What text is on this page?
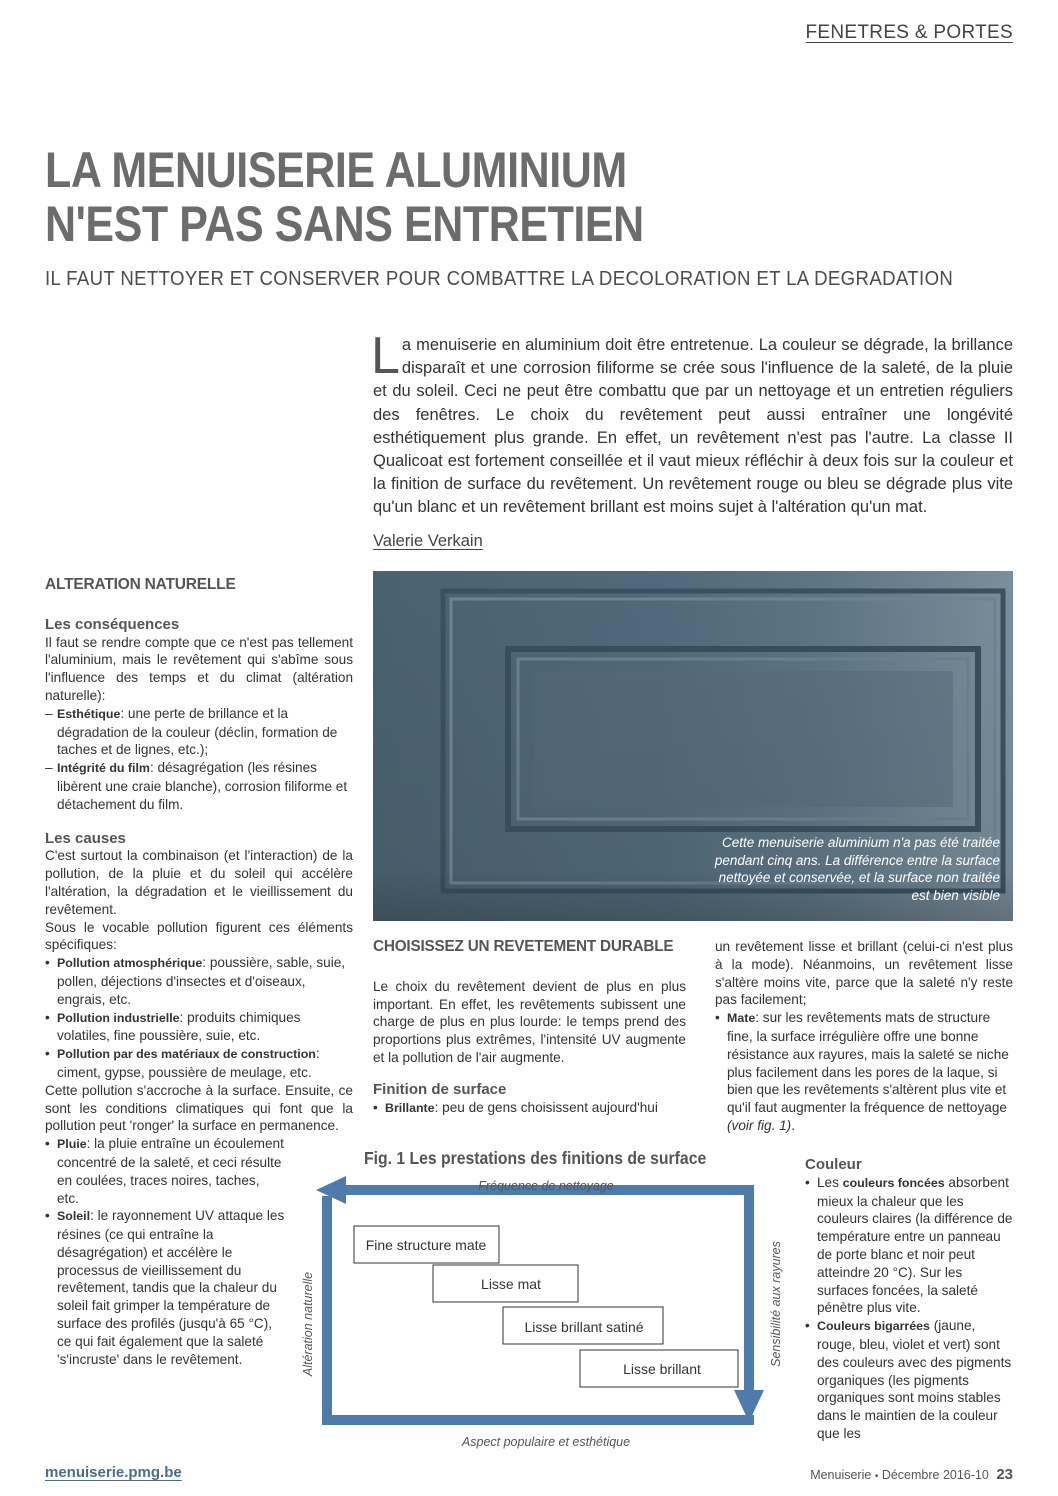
FENETRES & PORTES
LA MENUISERIE ALUMINIUM
N'EST PAS SANS ENTRETIEN
IL FAUT NETTOYER ET CONSERVER POUR COMBATTRE LA DECOLORATION ET LA DEGRADATION

La menuiserie en aluminium doit être entretenue. La couleur se dégrade, la brillance disparaît et une corrosion filiforme se crée sous l'influence de la saleté, de la pluie et du soleil. Ceci ne peut être combattu que par un nettoyage et un entretien réguliers des fenêtres. Le choix du revêtement peut aussi entraîner une longévité esthétiquement plus grande. En effet, un revêtement n'est pas l'autre. La classe II Qualicoat est fortement conseillée et il vaut mieux réfléchir à deux fois sur la couleur et la finition de surface du revêtement. Un revêtement rouge ou bleu se dégrade plus vite qu'un blanc et un revêtement brillant est moins sujet à l'altération qu'un mat.

Valerie Verkain
ALTERATION NATURELLE
Les conséquences

Il faut se rendre compte que ce n'est pas tellement l'aluminium, mais le revêtement qui s'abîme sous l'influence des temps et du climat (altération naturelle):

– Esthétique: une perte de brillance et la dégradation de la couleur (déclin, formation de taches et de lignes, etc.);

– Intégrité du film: désagrégation (les résines libèrent une craie blanche), corrosion filiforme et détachement du film.

Les causes

C'est surtout la combinaison (et l'interaction) de la pollution, de la pluie et du soleil qui accélère l'altération, la dégradation et le vieillissement du revêtement.

Sous le vocable pollution figurent ces éléments spécifiques:

• Pollution atmosphérique: poussière, sable, suie, pollen, déjections d'insectes et d'oiseaux, engrais, etc.

• Pollution industrielle: produits chimiques volatiles, fine poussière, suie, etc.

• Pollution par des matériaux de construction: ciment, gypse, poussière de meulage, etc.

Cette pollution s'accroche à la surface. Ensuite, ce sont les conditions climatiques qui font que la pollution peut 'ronger' la surface en permanence.

• Pluie: la pluie entraîne un écoulement concentré de la saleté, et ceci résulte en coulées, traces noires, taches, etc.

• Soleil: le rayonnement UV attaque les résines (ce qui entraîne la désagrégation) et accélère le processus de vieillissement du revêtement, tandis que la chaleur du soleil fait grimper la température de surface des profilés (jusqu'à 65 °C), ce qui fait également que la saleté 's'incruste' dans le revêtement.

Cette menuiserie aluminium n'a pas été traitée pendant cinq ans. La différence entre la surface nettoyée et conservée, et la surface non traitée est bien visible
CHOISISSEZ UN REVETEMENT DURABLE

Le choix du revêtement devient de plus en plus important. En effet, les revêtements subissent une charge de plus en plus lourde: le temps prend des proportions plus extrêmes, l'intensité UV augmente et la pollution de l'air augmente.

Finition de surface

• Brillante: peu de gens choisissent aujourd'hui

un revêtement lisse et brillant (celui-ci n'est plus à la mode). Néanmoins, un revêtement lisse s'altère moins vite, parce que la saleté n'y reste pas facilement;

• Mate: sur les revêtements mats de structure fine, la surface irrégulière offre une bonne résistance aux rayures, mais la saleté se niche plus facilement dans les pores de la laque, si bien que les revêtements s'altèrent plus vite et qu'il faut augmenter la fréquence de nettoyage (voir fig. 1).

Fig. 1 Les prestations des finitions de surface
Fine structure mate
Lisse mat
Lisse brillant satiné
Lisse brillant
Fréquence de nettoyage
Aspect populaire et esthétique
Altération naturelle	Sensibilité aux rayures
Couleur

• Les couleurs foncées absorbent mieux la chaleur que les couleurs claires (la différence de température entre un panneau de porte blanc et noir peut atteindre 20 °C). Sur les surfaces foncées, la saleté pénètre plus vite.

• Couleurs bigarrées (jaune, rouge, bleu, violet et vert) sont des couleurs avec des pigments organiques (les pigments organiques sont moins stables dans le maintien de la couleur que les

menuiserie.pmg.be	Menuiserie • Décembre 2016-10 23
